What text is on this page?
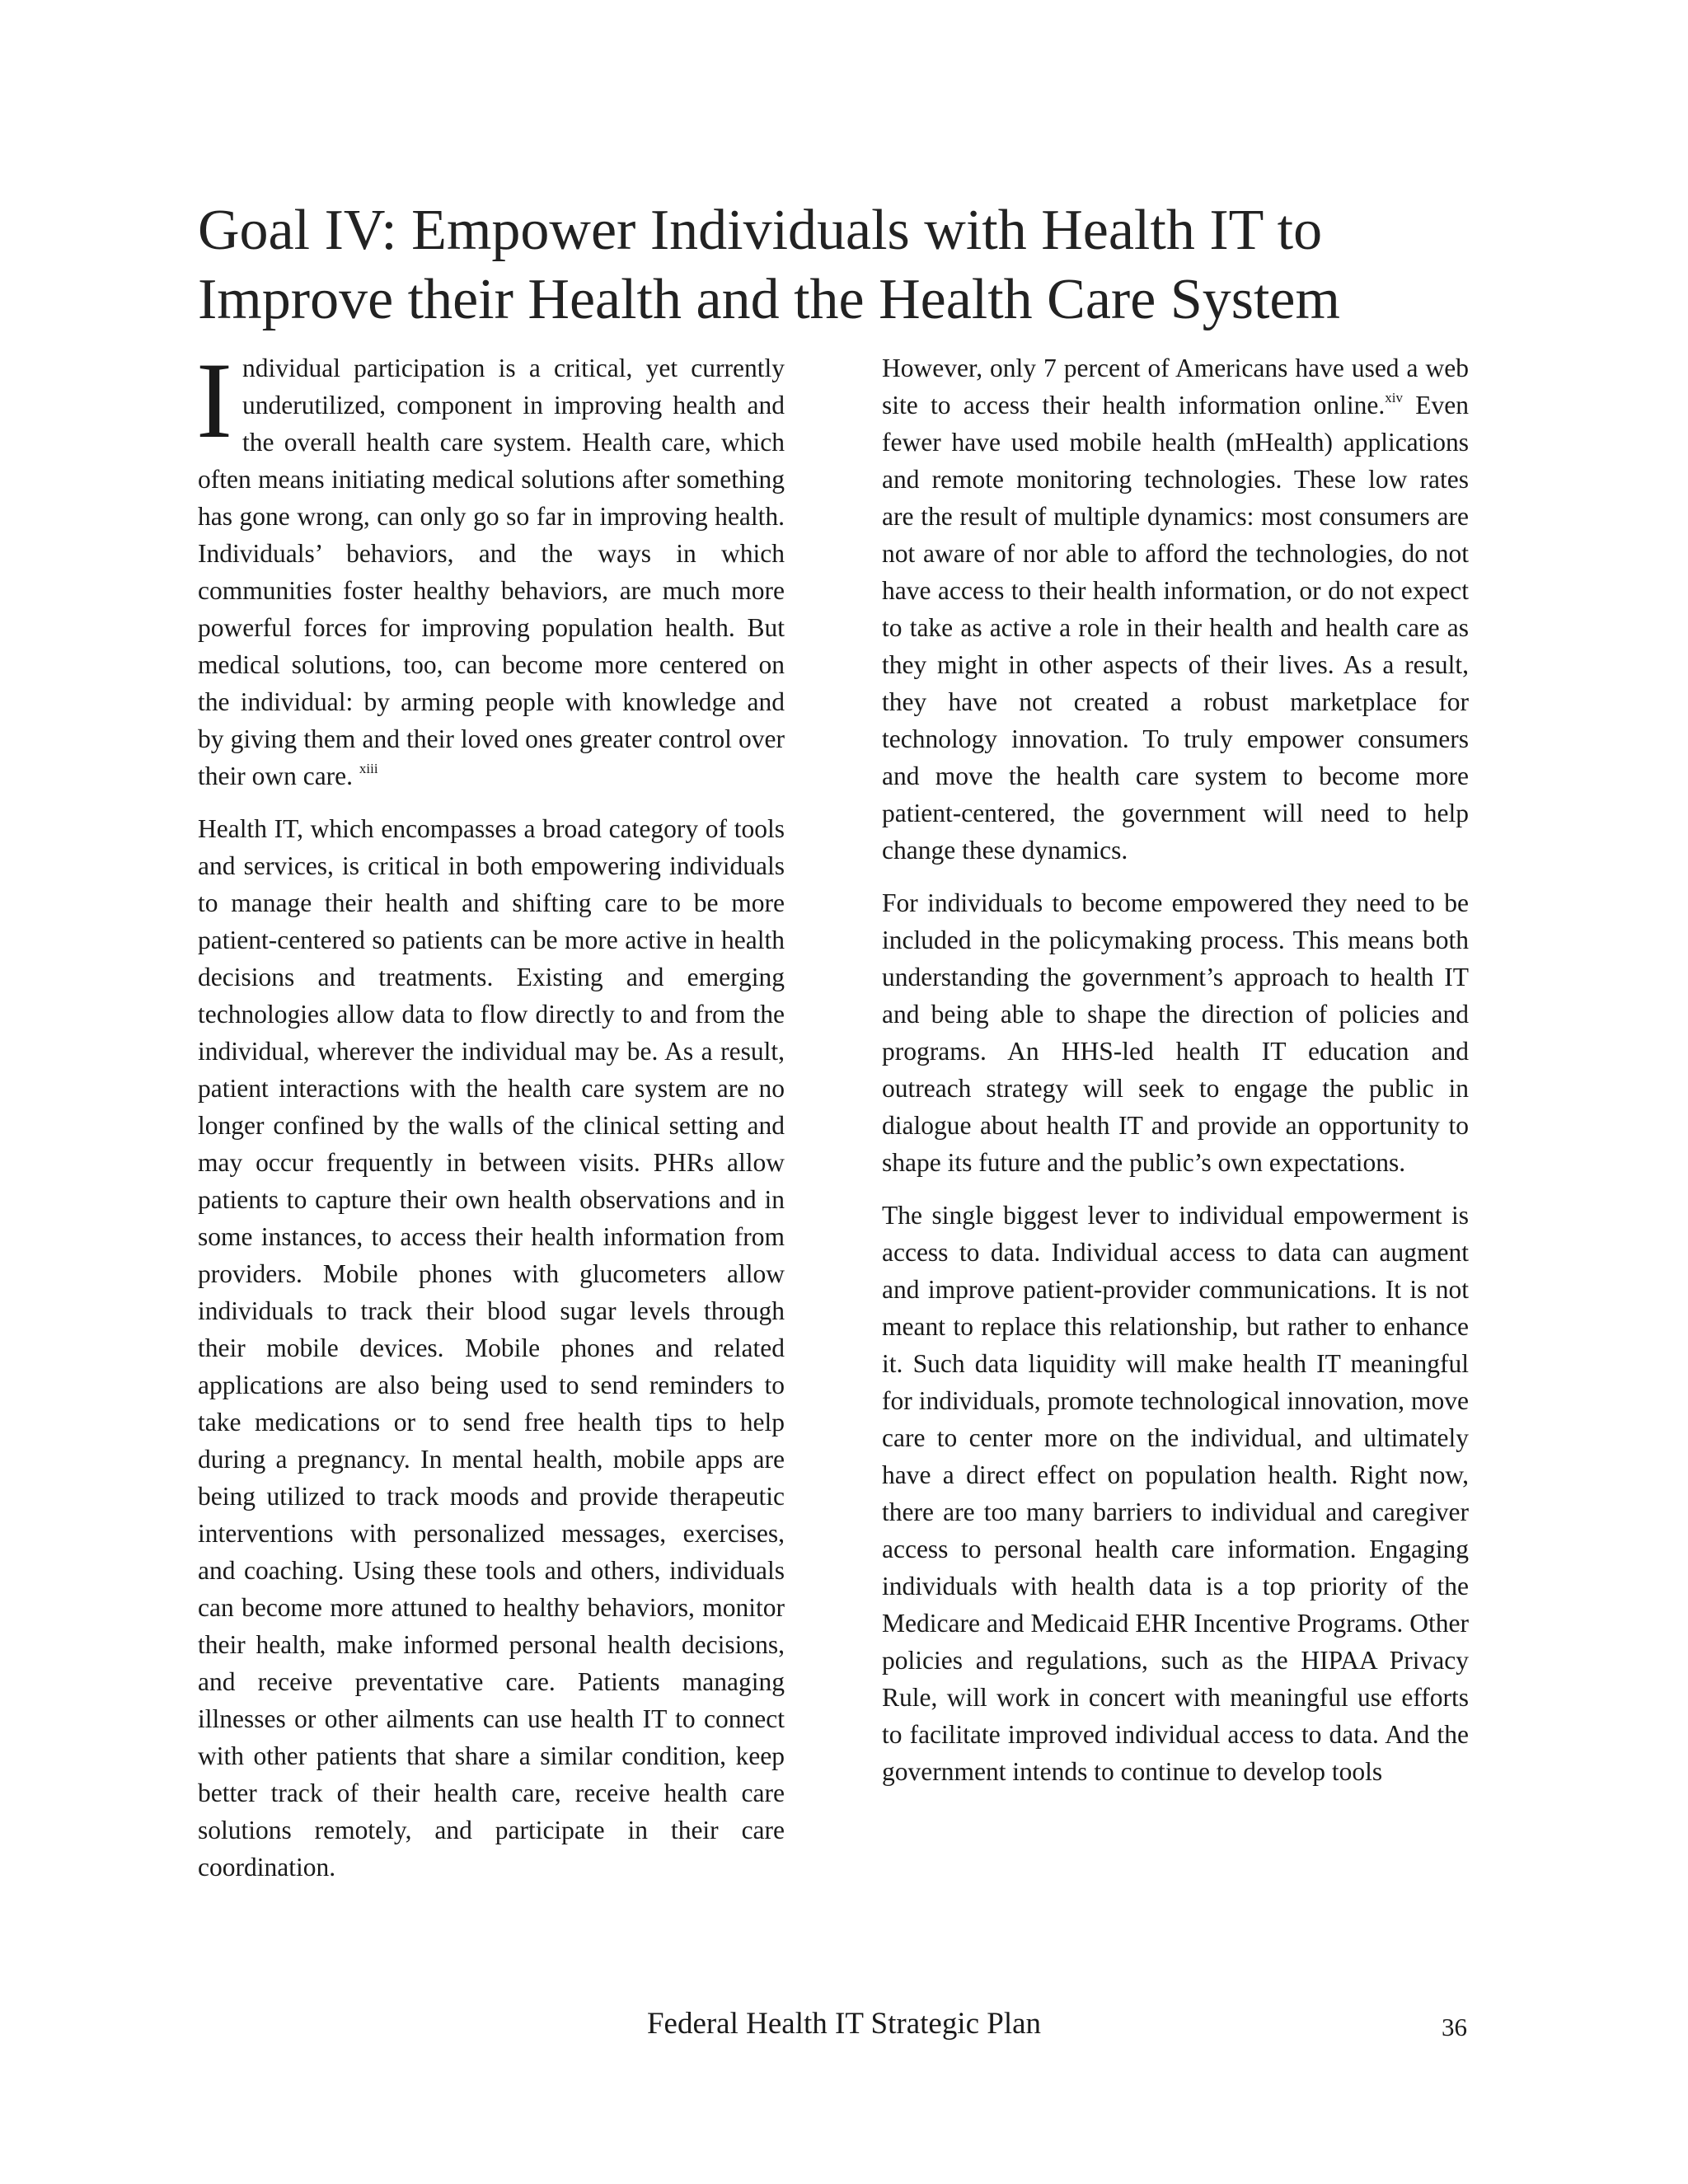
Goal IV: Empower Individuals with Health IT to
Improve their Health and the Health Care System

Individual participation is a critical, yet currently underutilized, component in improving health and the overall health care system. Health care, which often means initiating medical solutions after something has gone wrong, can only go so far in improving health. Individuals’ behaviors, and the ways in which communities foster healthy behaviors, are much more powerful forces for improving population health. But medical solutions, too, can become more centered on the individual: by arming people with knowledge and by giving them and their loved ones greater control over their own care. $^{xiii}$

Health IT, which encompasses a broad category of tools and services, is critical in both empowering individuals to manage their health and shifting care to be more patient-centered so patients can be more active in health decisions and treatments. Existing and emerging technologies allow data to flow directly to and from the individual, wherever the individual may be. As a result, patient interactions with the health care system are no longer confined by the walls of the clinical setting and may occur frequently in between visits. PHRs allow patients to capture their own health observations and in some instances, to access their health information from providers. Mobile phones with glucometers allow individuals to track their blood sugar levels through their mobile devices. Mobile phones and related applications are also being used to send reminders to take medications or to send free health tips to help during a pregnancy. In mental health, mobile apps are being utilized to track moods and provide therapeutic interventions with personalized messages, exercises, and coaching. Using these tools and others, individuals can become more attuned to healthy behaviors, monitor their health, make informed personal health decisions, and receive preventative care. Patients managing illnesses or other ailments can use health IT to connect with other patients that share a similar condition, keep better track of their health care, receive health care solutions remotely, and participate in their care coordination.

However, only 7 percent of Americans have used a web site to access their health information online.$^{xiv}$ Even fewer have used mobile health (mHealth) applications and remote monitoring technologies. These low rates are the result of multiple dynamics: most consumers are not aware of nor able to afford the technologies, do not have access to their health information, or do not expect to take as active a role in their health and health care as they might in other aspects of their lives. As a result, they have not created a robust marketplace for technology innovation. To truly empower consumers and move the health care system to become more patient-centered, the government will need to help change these dynamics.

For individuals to become empowered they need to be included in the policymaking process. This means both understanding the government’s approach to health IT and being able to shape the direction of policies and programs. An HHS-led health IT education and outreach strategy will seek to engage the public in dialogue about health IT and provide an opportunity to shape its future and the public’s own expectations.

The single biggest lever to individual empowerment is access to data. Individual access to data can augment and improve patient-provider communications. It is not meant to replace this relationship, but rather to enhance it. Such data liquidity will make health IT meaningful for individuals, promote technological innovation, move care to center more on the individual, and ultimately have a direct effect on population health. Right now, there are too many barriers to individual and caregiver access to personal health care information. Engaging individuals with health data is a top priority of the Medicare and Medicaid EHR Incentive Programs. Other policies and regulations, such as the HIPAA Privacy Rule, will work in concert with meaningful use efforts to facilitate improved individual access to data. And the government intends to continue to develop tools

Federal Health IT Strategic Plan	36
